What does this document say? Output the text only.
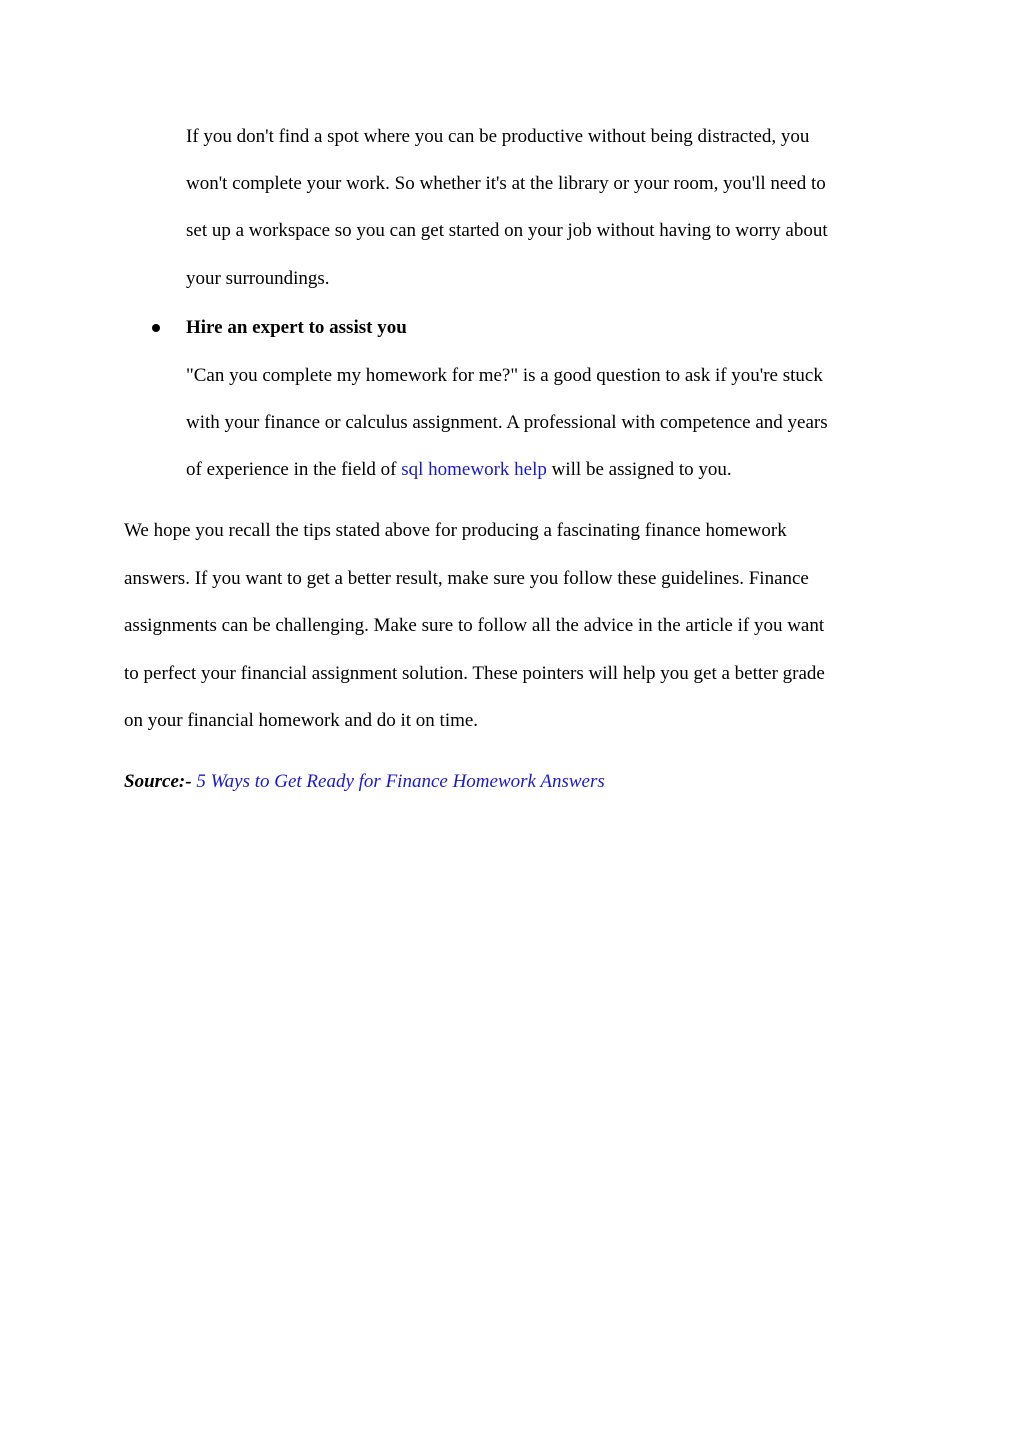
If you don't find a spot where you can be productive without being distracted, you
won't complete your work. So whether it's at the library or your room, you'll need to
set up a workspace so you can get started on your job without having to worry about
your surroundings.
Hire an expert to assist you
"Can you complete my homework for me?" is a good question to ask if you're stuck
with your finance or calculus assignment. A professional with competence and years
of experience in the field of sql homework help will be assigned to you.
We hope you recall the tips stated above for producing a fascinating finance homework
answers. If you want to get a better result, make sure you follow these guidelines. Finance
assignments can be challenging. Make sure to follow all the advice in the article if you want
to perfect your financial assignment solution. These pointers will help you get a better grade
on your financial homework and do it on time.
Source:- 5 Ways to Get Ready for Finance Homework Answers
